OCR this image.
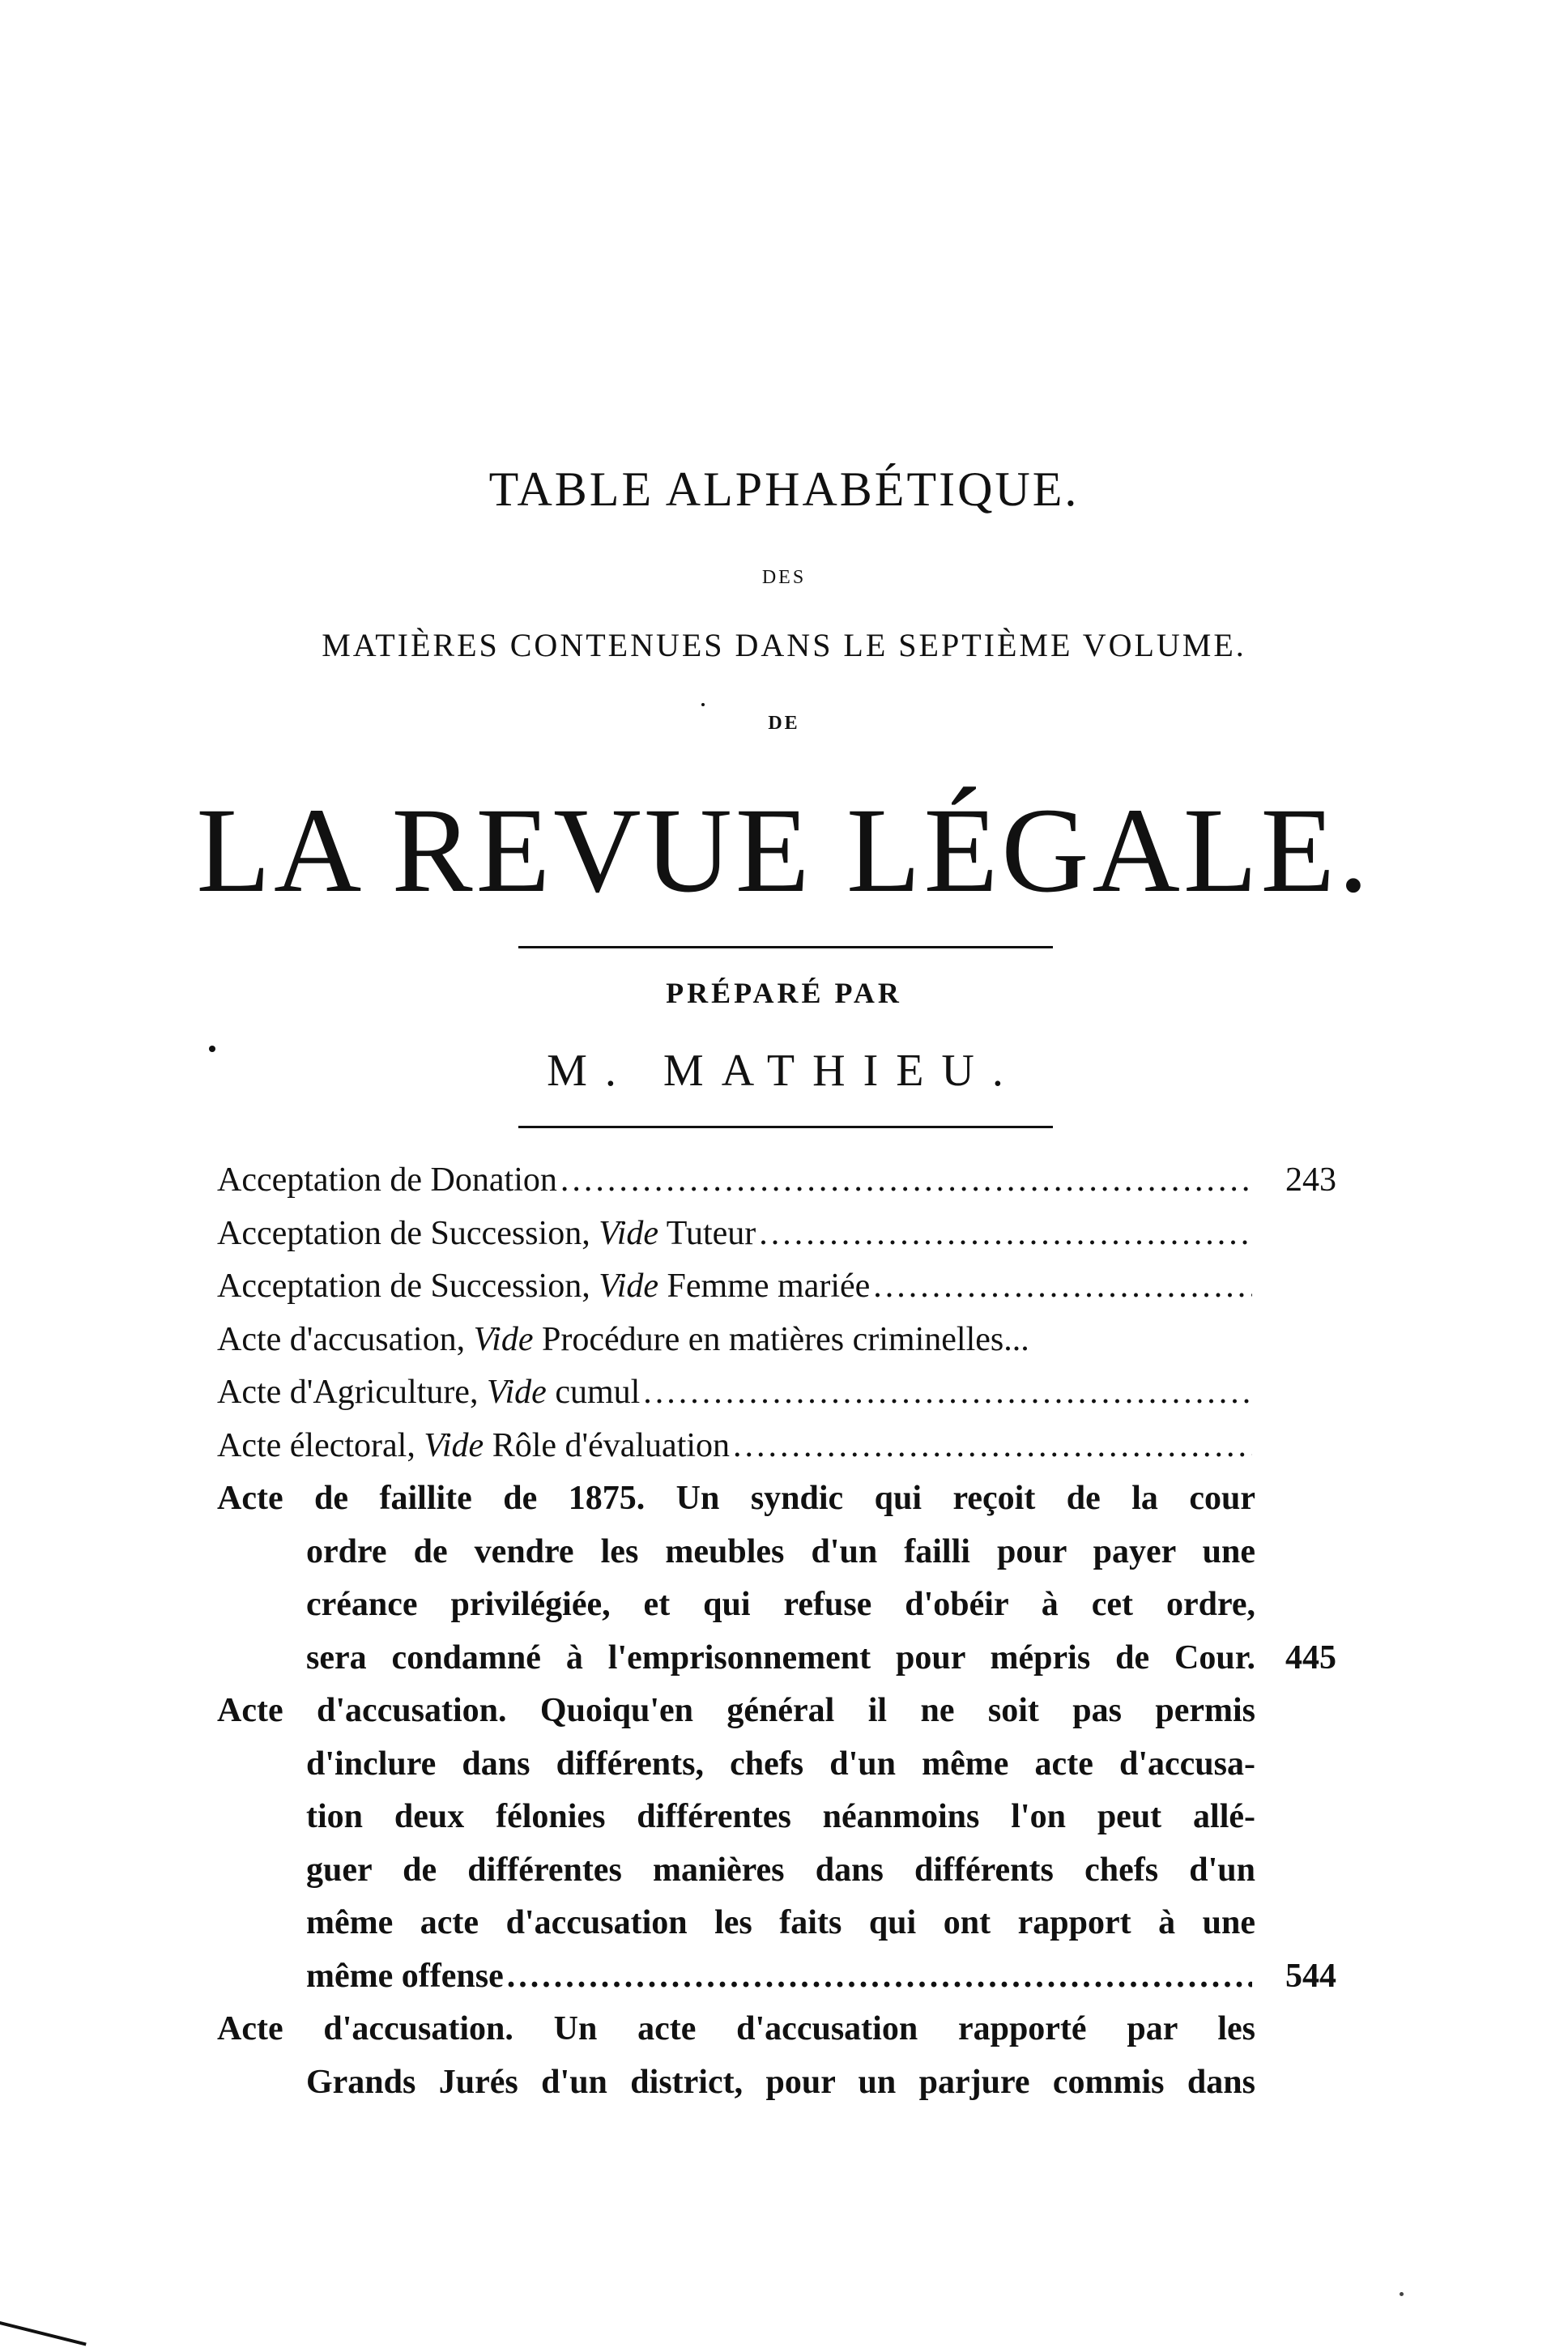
TABLE ALPHABÉTIQUE.
DES
MATIÈRES CONTENUES DANS LE SEPTIÈME VOLUME.
DE
LA REVUE LÉGALE.
PRÉPARÉ PAR
M. MATHIEU.
Acceptation de Donation .....	243
Acceptation de Succession, Vide Tuteur
.....
Acceptation de Succession, Vide Femme mariée
.....
Acte d'accusation, Vide Procédure en matières criminelles...
Acte d'Agriculture, Vide cumul
.....
Acte électoral, Vide Rôle d'évaluation
.....
Acte de faillite de 1875. Un syndic qui reçoit de la cour
ordre de vendre les meubles d'un failli pour payer une
créance privilégiée, et qui refuse d'obéir à cet ordre,
sera condamné à l'emprisonnement pour mépris de Cour. 445
Acte d'accusation. Quoiqu'en général il ne soit pas permis
d'inclure dans différents, chefs d'un même acte d'accusa-
tion deux félonies différentes néanmoins l'on peut allé-
guer de différentes manières dans différents chefs d'un
même acte d'accusation les faits qui ont rapport à une
même offense .....	544
Acte d'accusation. Un acte d'accusation rapporté par les
Grands Jurés d'un district, pour un parjure commis dans
